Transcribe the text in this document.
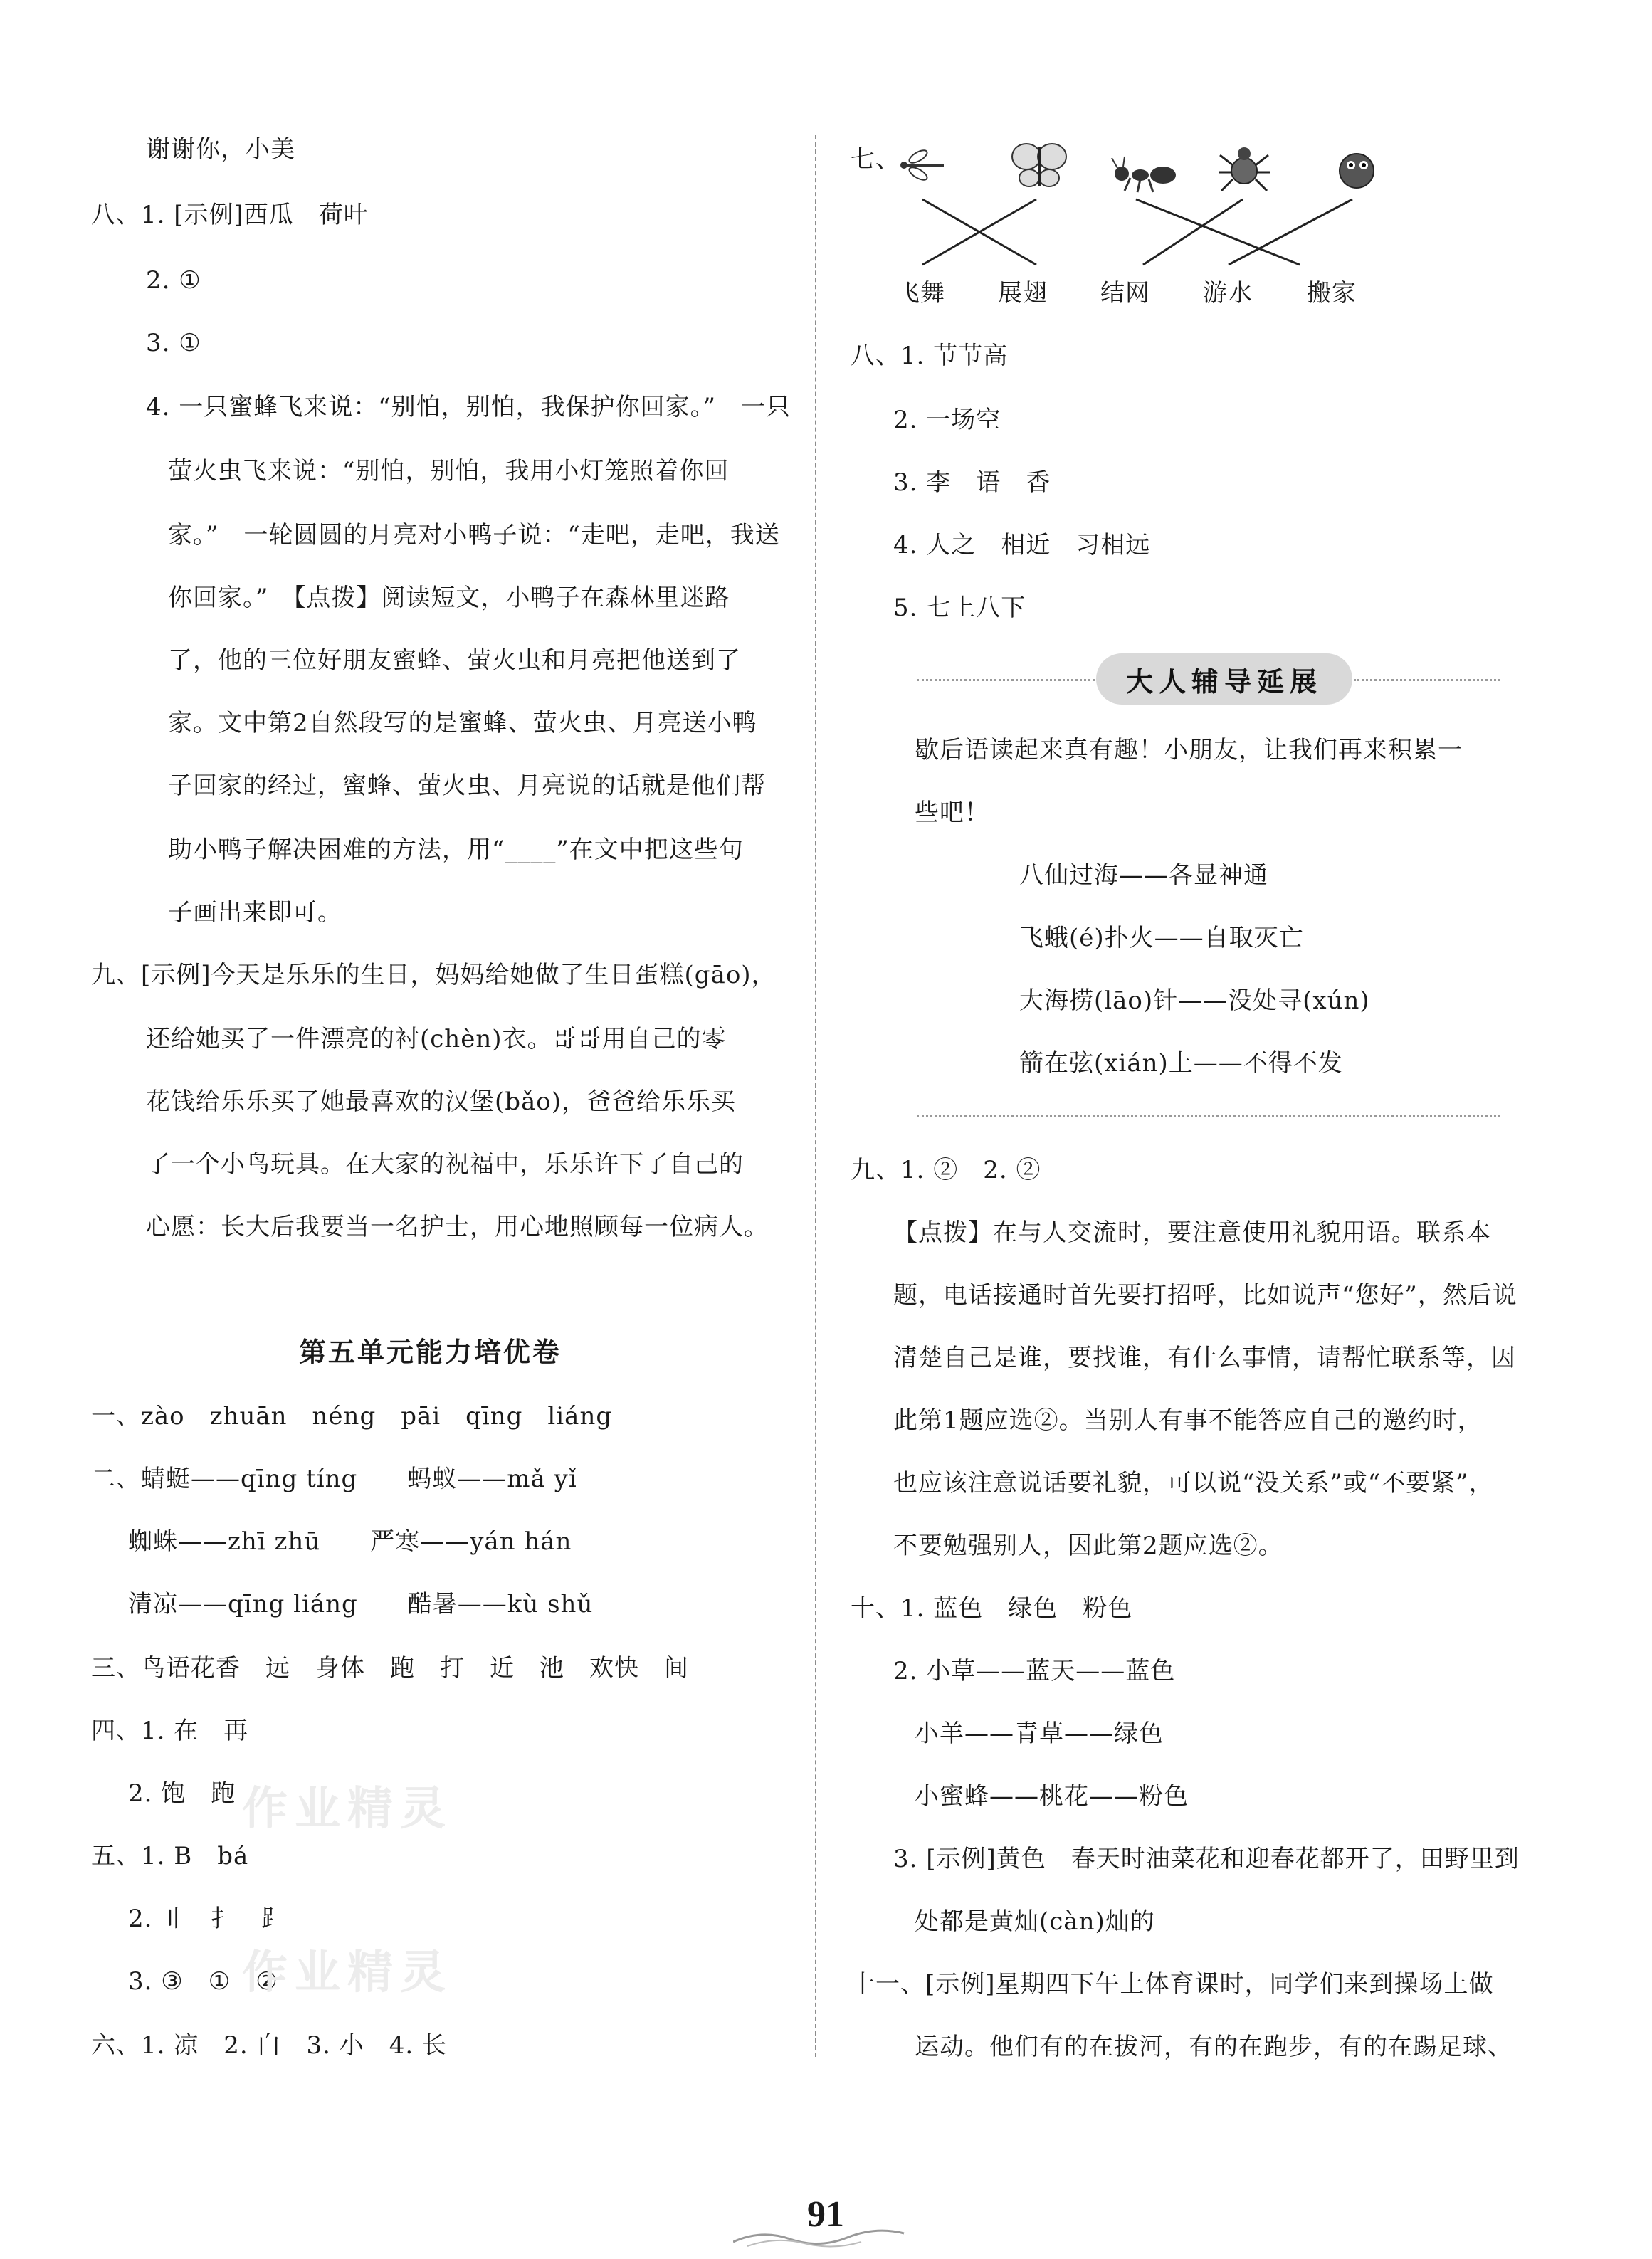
谢谢你，小美
八、1. [示例]西瓜　荷叶
2. ①
3. ①
4. 一只蜜蜂飞来说：“别怕，别怕，我保护你回家。”　一只
萤火虫飞来说：“别怕，别怕，我用小灯笼照着你回
家。”　一轮圆圆的月亮对小鸭子说：“走吧，走吧，我送
你回家。”　【点拨】阅读短文，小鸭子在森林里迷路
了，他的三位好朋友蜜蜂、萤火虫和月亮把他送到了
家。文中第2自然段写的是蜜蜂、萤火虫、月亮送小鸭
子回家的经过，蜜蜂、萤火虫、月亮说的话就是他们帮
助小鸭子解决困难的方法，用“____”在文中把这些句
子画出来即可。
九、[示例]今天是乐乐的生日，妈妈给她做了生日蛋糕(gāo)，
还给她买了一件漂亮的衬(chèn)衣。哥哥用自己的零
花钱给乐乐买了她最喜欢的汉堡(bǎo)，爸爸给乐乐买
了一个小鸟玩具。在大家的祝福中，乐乐许下了自己的
心愿：长大后我要当一名护士，用心地照顾每一位病人。
第五单元能力培优卷
一、zào　zhuān　néng　pāi　qīng　liáng
二、蜻蜓——qīng tíng　　蚂蚁——mǎ yǐ
蜘蛛——zhī zhū　　严寒——yán hán
清凉——qīng liáng　　酷暑——kù shǔ
三、鸟语花香　远　身体　跑　打　近　池　欢快　间
四、1. 在　再
2. 饱　跑
五、1. B　bá
2. 〢　扌　⻊
3. ③　①　②
六、1. 凉　2. 白　3. 小　4. 长
作业精灵
作业精灵
七、
飞舞 展翅 结网 游水 搬家
八、1. 节节高
2. 一场空
3. 李　语　香
4. 人之　相近　习相远
5. 七上八下
大人辅导延展
歇后语读起来真有趣！小朋友，让我们再来积累一
些吧！
八仙过海——各显神通
飞蛾(é)扑火——自取灭亡
大海捞(lāo)针——没处寻(xún)
箭在弦(xián)上——不得不发
九、1. ②　2. ②
【点拨】在与人交流时，要注意使用礼貌用语。联系本
题，电话接通时首先要打招呼，比如说声“您好”，然后说
清楚自己是谁，要找谁，有什么事情，请帮忙联系等，因
此第1题应选②。当别人有事不能答应自己的邀约时，
也应该注意说话要礼貌，可以说“没关系”或“不要紧”，
不要勉强别人，因此第2题应选②。
十、1. 蓝色　绿色　粉色
2. 小草——蓝天——蓝色
小羊——青草——绿色
小蜜蜂——桃花——粉色
3. [示例]黄色　春天时油菜花和迎春花都开了，田野里到
处都是黄灿(càn)灿的
十一、[示例]星期四下午上体育课时，同学们来到操场上做
运动。他们有的在拔河，有的在跑步，有的在踢足球、
91
